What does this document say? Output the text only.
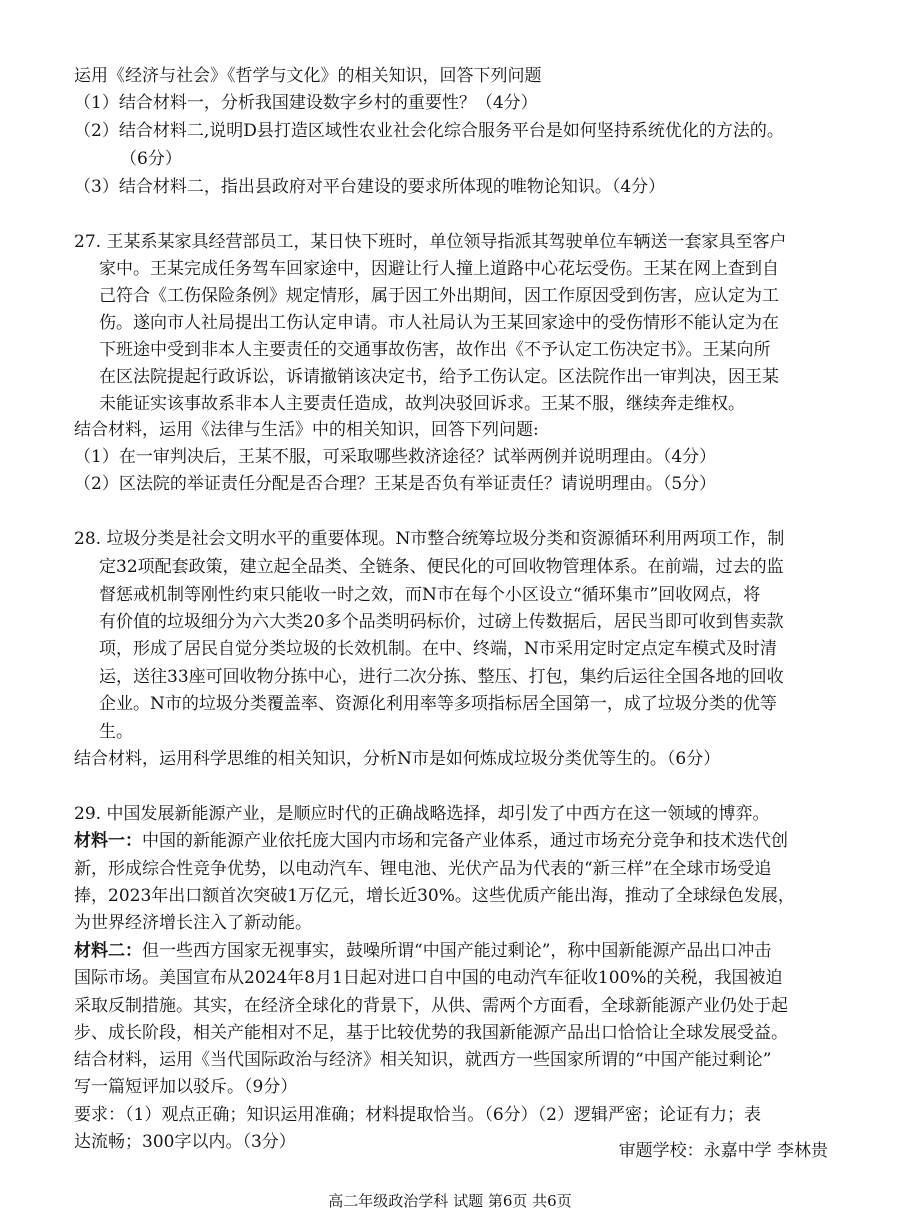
运用《经济与社会》《哲学与文化》的相关知识，回答下列问题
（1）结合材料一，分析我国建设数字乡村的重要性？（4分）
（2）结合材料二,说明D县打造区域性农业社会化综合服务平台是如何坚持系统优化的方法的。
（6分）
（3）结合材料二，指出县政府对平台建设的要求所体现的唯物论知识。（4分）
27. 王某系某家具经营部员工，某日快下班时，单位领导指派其驾驶单位车辆送一套家具至客户
家中。王某完成任务驾车回家途中，因避让行人撞上道路中心花坛受伤。王某在网上查到自
己符合《工伤保险条例》规定情形，属于因工外出期间，因工作原因受到伤害，应认定为工
伤。遂向市人社局提出工伤认定申请。市人社局认为王某回家途中的受伤情形不能认定为在
下班途中受到非本人主要责任的交通事故伤害，故作出《不予认定工伤决定书》。王某向所
在区法院提起行政诉讼，诉请撤销该决定书，给予工伤认定。区法院作出一审判决，因王某
未能证实该事故系非本人主要责任造成，故判决驳回诉求。王某不服，继续奔走维权。
结合材料，运用《法律与生活》中的相关知识，回答下列问题:
（1）在一审判决后，王某不服，可采取哪些救济途径？试举两例并说明理由。（4分）
（2）区法院的举证责任分配是否合理？王某是否负有举证责任？请说明理由。（5分）
28. 垃圾分类是社会文明水平的重要体现。N市整合统筹垃圾分类和资源循环利用两项工作，制
定32项配套政策，建立起全品类、全链条、便民化的可回收物管理体系。在前端，过去的监
督惩戒机制等刚性约束只能收一时之效，而N市在每个小区设立“循环集市”回收网点，将
有价值的垃圾细分为六大类20多个品类明码标价，过磅上传数据后，居民当即可收到售卖款
项，形成了居民自觉分类垃圾的长效机制。在中、终端，N市采用定时定点定车模式及时清
运，送往33座可回收物分拣中心，进行二次分拣、整压、打包，集约后运往全国各地的回收
企业。N市的垃圾分类覆盖率、资源化利用率等多项指标居全国第一，成了垃圾分类的优等
生。
结合材料，运用科学思维的相关知识，分析N市是如何炼成垃圾分类优等生的。（6分）
29. 中国发展新能源产业，是顺应时代的正确战略选择，却引发了中西方在这一领域的博弈。
材料一：中国的新能源产业依托庞大国内市场和完备产业体系，通过市场充分竞争和技术迭代创
新，形成综合性竞争优势，以电动汽车、锂电池、光伏产品为代表的“新三样”在全球市场受追
捧，2023年出口额首次突破1万亿元，增长近30%。这些优质产能出海，推动了全球绿色发展，
为世界经济增长注入了新动能。
材料二：但一些西方国家无视事实，鼓噪所谓“中国产能过剩论”，称中国新能源产品出口冲击
国际市场。美国宣布从2024年8月1日起对进口自中国的电动汽车征收100%的关税，我国被迫
采取反制措施。其实，在经济全球化的背景下，从供、需两个方面看，全球新能源产业仍处于起
步、成长阶段，相关产能相对不足，基于比较优势的我国新能源产品出口恰恰让全球发展受益。
结合材料，运用《当代国际政治与经济》相关知识，就西方一些国家所谓的“中国产能过剩论”
写一篇短评加以驳斥。（9分）
要求：（1）观点正确；知识运用准确；材料提取恰当。（6分）（2）逻辑严密；论证有力；表
达流畅；300字以内。（3分）	审题学校：永嘉中学 李林贵
高二年级政治学科 试题 第6页 共6页
